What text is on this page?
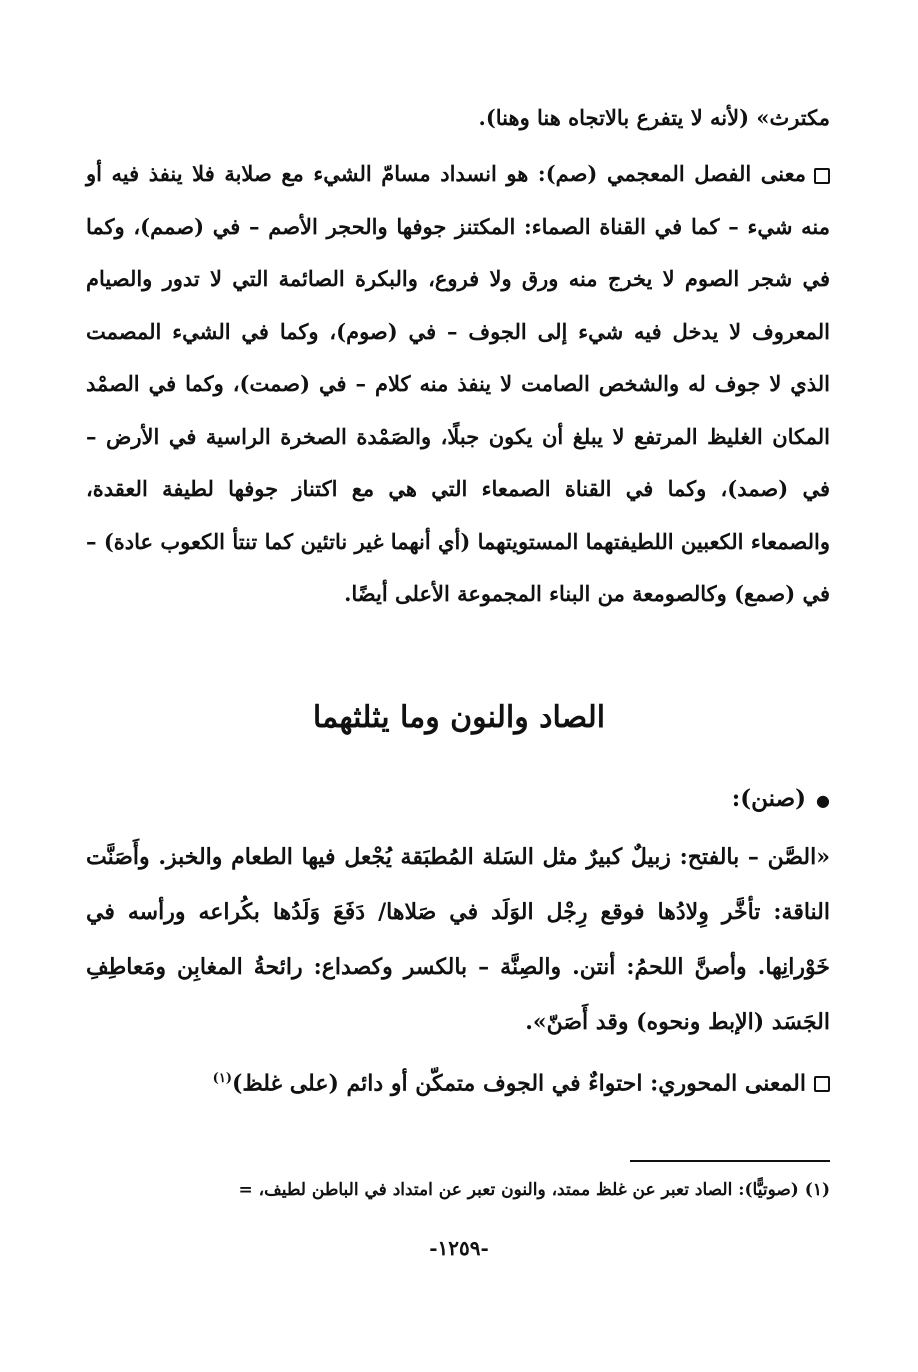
مكترث» (لأنه لا يتفرع بالاتجاه هنا وهنا).
معنى الفصل المعجمي (صم): هو انسداد مسامّ الشيء مع صلابة فلا ينفذ فيه أو منه شيء – كما في القناة الصماء: المكتنز جوفها والحجر الأصم – في (صمم)، وكما في شجر الصوم لا يخرج منه ورق ولا فروع، والبكرة الصائمة التي لا تدور والصيام المعروف لا يدخل فيه شيء إلى الجوف – في (صوم)، وكما في الشيء المصمت الذي لا جوف له والشخص الصامت لا ينفذ منه كلام – في (صمت)، وكما في الصمْد المكان الغليظ المرتفع لا يبلغ أن يكون جبلًا، والصَمْدة الصخرة الراسية في الأرض – في (صمد)، وكما في القناة الصمعاء التي هي مع اكتناز جوفها لطيفة العقدة، والصمعاء الكعبين اللطيفتهما المستويتهما (أي أنهما غير ناتئين كما تنتأ الكعوب عادة) – في (صمع) وكالصومعة من البناء المجموعة الأعلى أيضًا.
الصاد والنون وما يثلثهما
●(صنن):
«الصَّن – بالفتح: زبيلٌ كبيرٌ مثل السَلة المُطبَقة يُجْعل فيها الطعام والخبز. وأَصَنَّت الناقة: تأخَّر وِلادُها فوقع رِجْل الوَلَد في صَلاها/ دَفَعَ وَلَدُها بكُراعه ورأسه في خَوْرانِها. وأصنَّ اللحمُ: أنتن. والصِنَّة – بالكسر وكصداع: رائحةُ المغابِن ومَعاطِفِ الجَسَد (الإبط ونحوه) وقد أَصَنّ».
المعنى المحوري: احتواءٌ في الجوف متمكّن أو دائم (على غلظ)$^{(١)}$
(١) (صوتيًّا): الصاد تعبر عن غلظ ممتد، والنون تعبر عن امتداد في الباطن لطيف، =
-١٢٥٩-
